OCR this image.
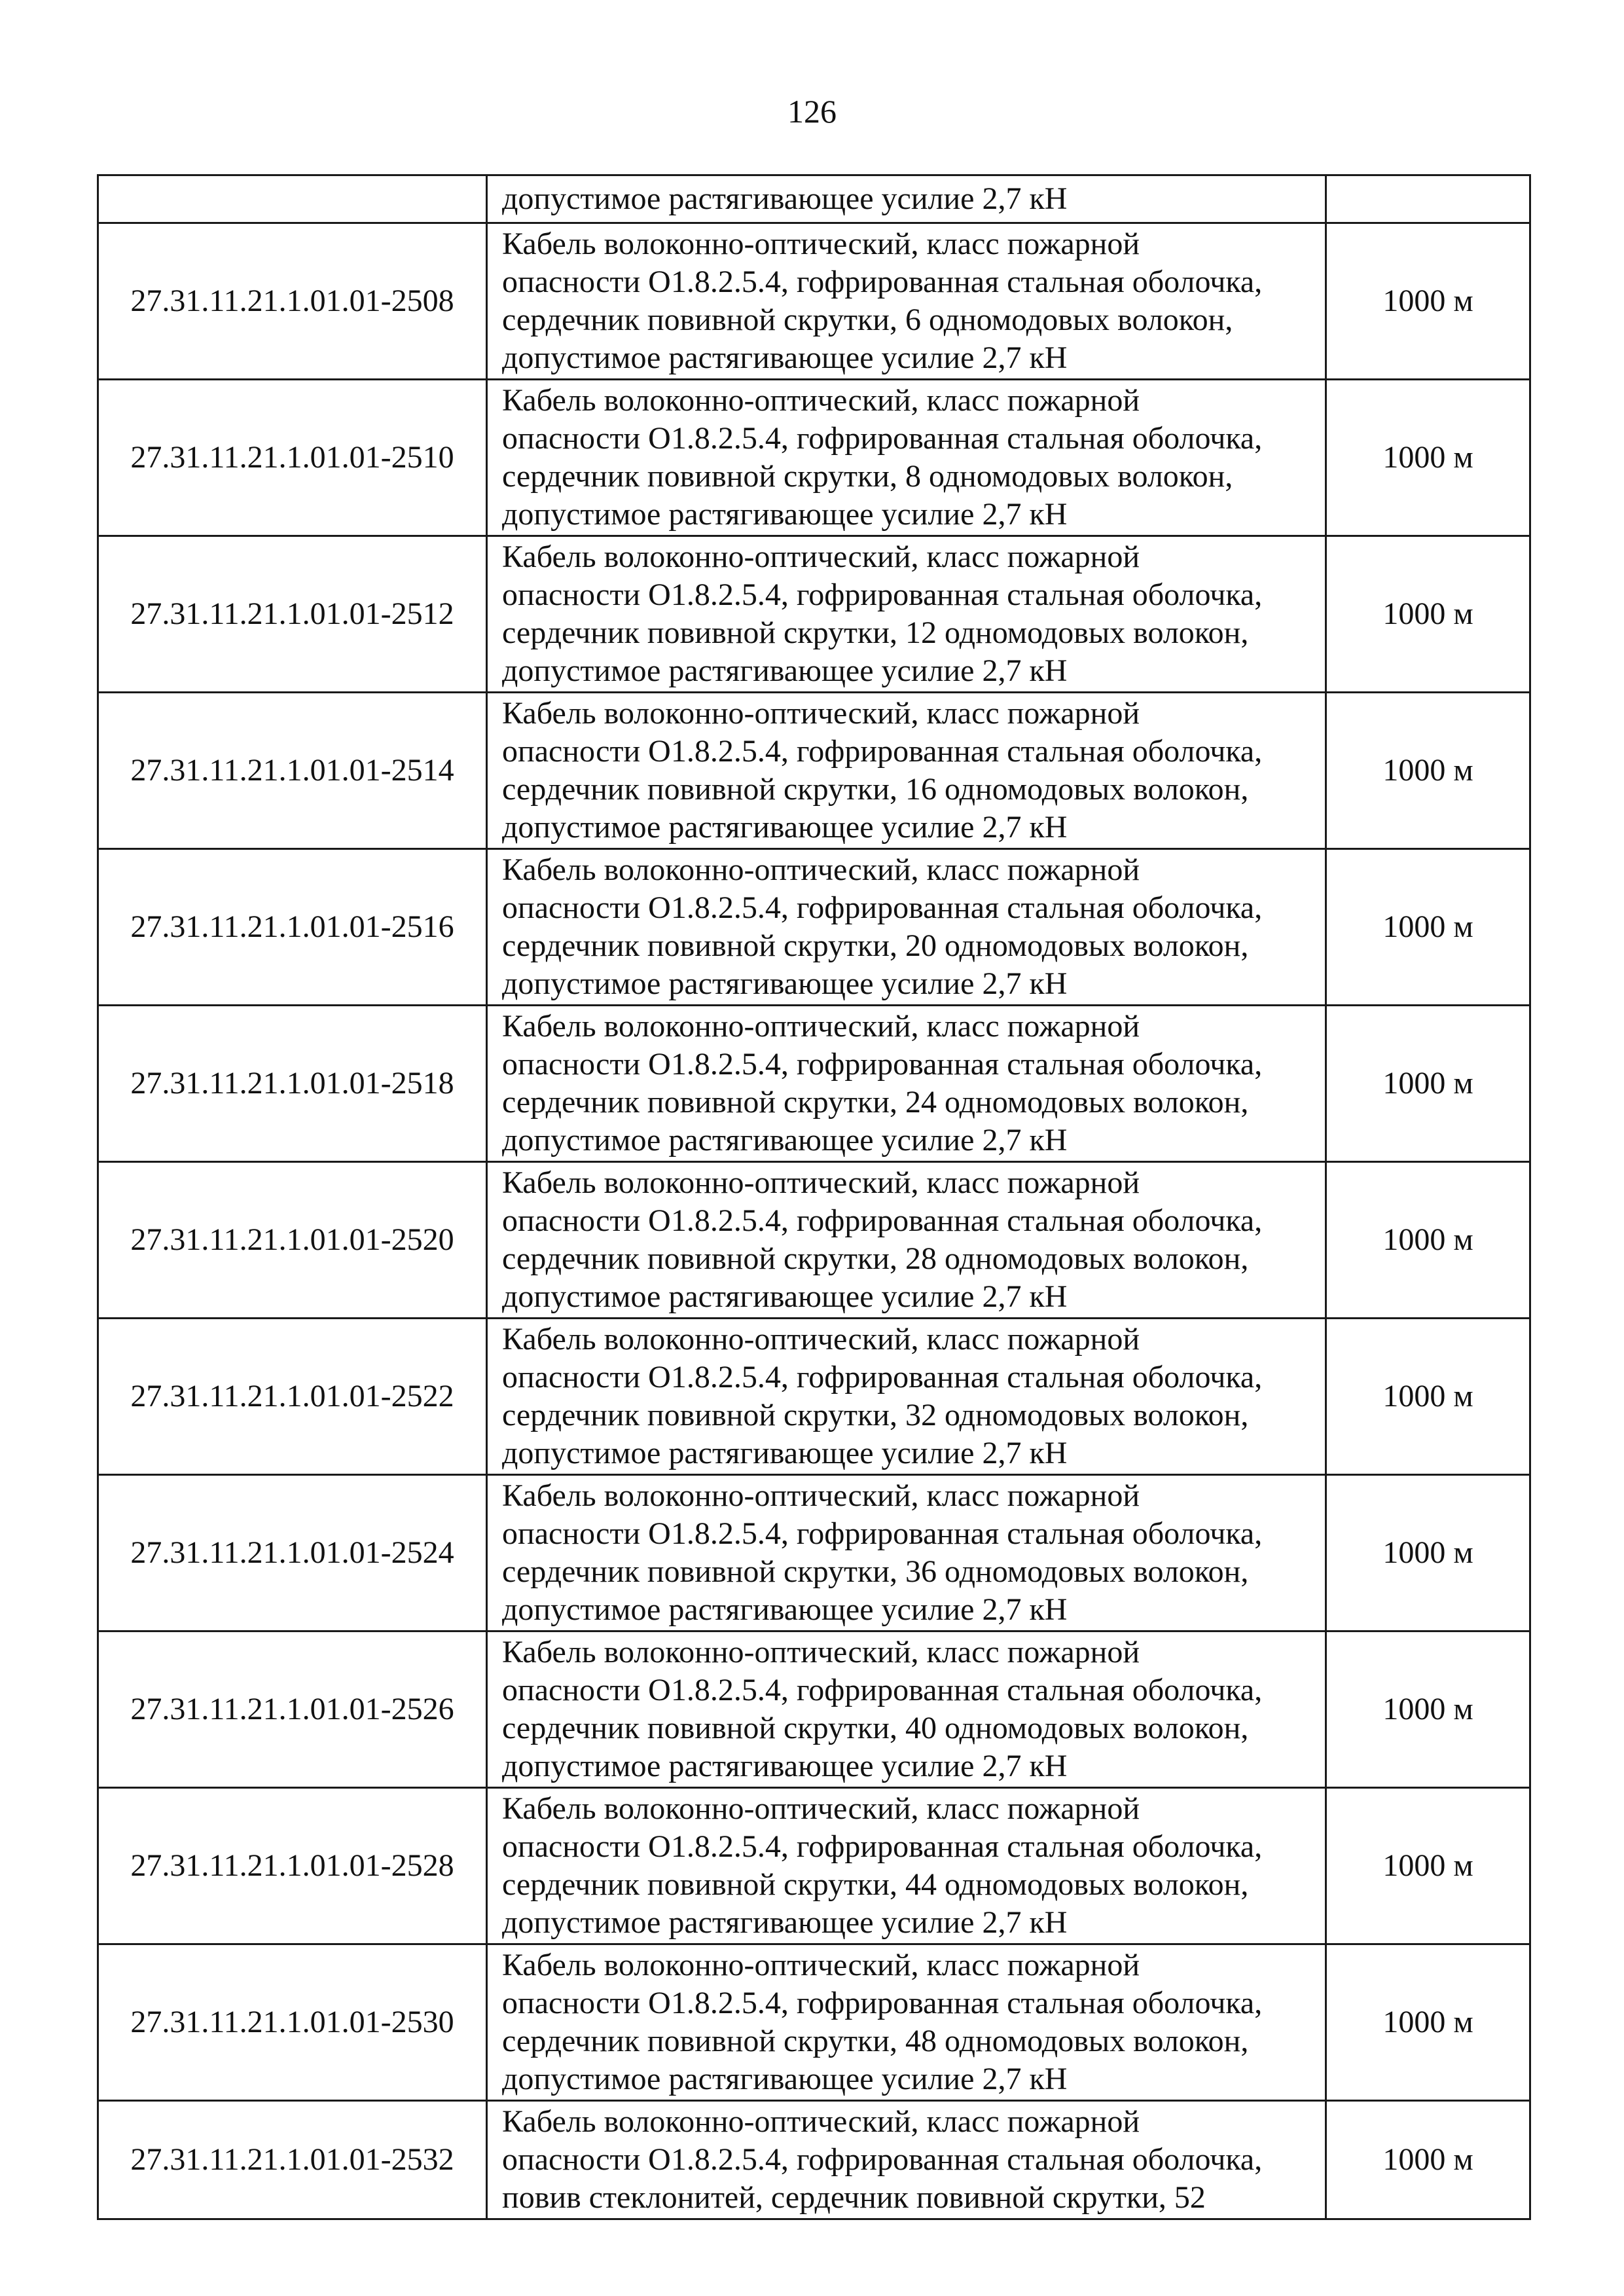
126
	допустимое растягивающее усилие 2,7 кН	
27.31.11.21.1.01.01-2508	Кабель волоконно-оптический, класс пожарной
опасности О1.8.2.5.4, гофрированная стальная оболочка,
сердечник повивной скрутки, 6 одномодовых волокон,
допустимое растягивающее усилие 2,7 кН	1000 м
27.31.11.21.1.01.01-2510	Кабель волоконно-оптический, класс пожарной
опасности О1.8.2.5.4, гофрированная стальная оболочка,
сердечник повивной скрутки, 8 одномодовых волокон,
допустимое растягивающее усилие 2,7 кН	1000 м
27.31.11.21.1.01.01-2512	Кабель волоконно-оптический, класс пожарной
опасности О1.8.2.5.4, гофрированная стальная оболочка,
сердечник повивной скрутки, 12 одномодовых волокон,
допустимое растягивающее усилие 2,7 кН	1000 м
27.31.11.21.1.01.01-2514	Кабель волоконно-оптический, класс пожарной
опасности О1.8.2.5.4, гофрированная стальная оболочка,
сердечник повивной скрутки, 16 одномодовых волокон,
допустимое растягивающее усилие 2,7 кН	1000 м
27.31.11.21.1.01.01-2516	Кабель волоконно-оптический, класс пожарной
опасности О1.8.2.5.4, гофрированная стальная оболочка,
сердечник повивной скрутки, 20 одномодовых волокон,
допустимое растягивающее усилие 2,7 кН	1000 м
27.31.11.21.1.01.01-2518	Кабель волоконно-оптический, класс пожарной
опасности О1.8.2.5.4, гофрированная стальная оболочка,
сердечник повивной скрутки, 24 одномодовых волокон,
допустимое растягивающее усилие 2,7 кН	1000 м
27.31.11.21.1.01.01-2520	Кабель волоконно-оптический, класс пожарной
опасности О1.8.2.5.4, гофрированная стальная оболочка,
сердечник повивной скрутки, 28 одномодовых волокон,
допустимое растягивающее усилие 2,7 кН	1000 м
27.31.11.21.1.01.01-2522	Кабель волоконно-оптический, класс пожарной
опасности О1.8.2.5.4, гофрированная стальная оболочка,
сердечник повивной скрутки, 32 одномодовых волокон,
допустимое растягивающее усилие 2,7 кН	1000 м
27.31.11.21.1.01.01-2524	Кабель волоконно-оптический, класс пожарной
опасности О1.8.2.5.4, гофрированная стальная оболочка,
сердечник повивной скрутки, 36 одномодовых волокон,
допустимое растягивающее усилие 2,7 кН	1000 м
27.31.11.21.1.01.01-2526	Кабель волоконно-оптический, класс пожарной
опасности О1.8.2.5.4, гофрированная стальная оболочка,
сердечник повивной скрутки, 40 одномодовых волокон,
допустимое растягивающее усилие 2,7 кН	1000 м
27.31.11.21.1.01.01-2528	Кабель волоконно-оптический, класс пожарной
опасности О1.8.2.5.4, гофрированная стальная оболочка,
сердечник повивной скрутки, 44 одномодовых волокон,
допустимое растягивающее усилие 2,7 кН	1000 м
27.31.11.21.1.01.01-2530	Кабель волоконно-оптический, класс пожарной
опасности О1.8.2.5.4, гофрированная стальная оболочка,
сердечник повивной скрутки, 48 одномодовых волокон,
допустимое растягивающее усилие 2,7 кН	1000 м
27.31.11.21.1.01.01-2532	Кабель волоконно-оптический, класс пожарной
опасности О1.8.2.5.4, гофрированная стальная оболочка,
повив стеклонитей, сердечник повивной скрутки, 52	1000 м
